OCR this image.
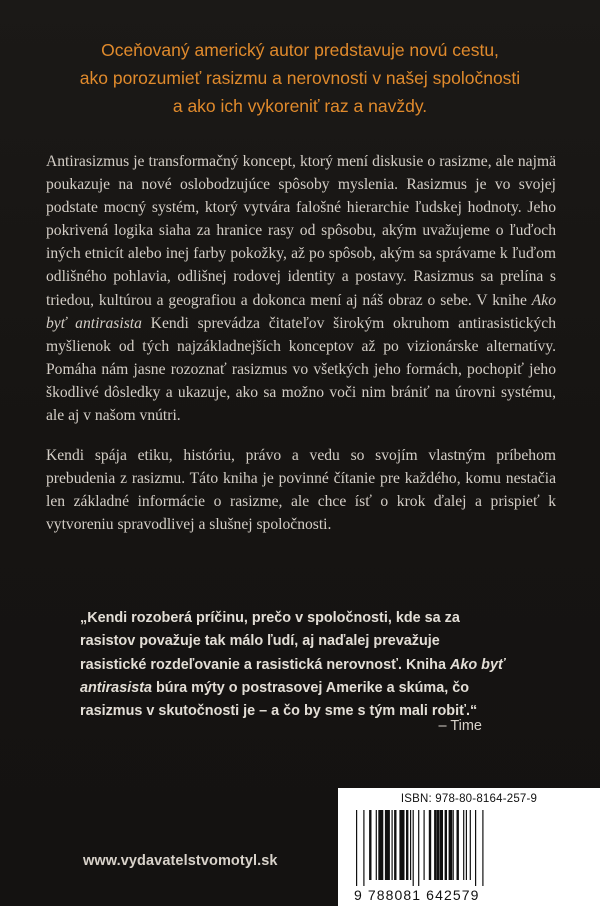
Oceňovaný americký autor predstavuje novú cestu,
ako porozumieť rasizmu a nerovnosti v našej spoločnosti
a ako ich vykoreniť raz a navždy.

Antirasizmus je transformačný koncept, ktorý mení diskusie o rasizme, ale najmä poukazuje na nové oslobodzujúce spôsoby myslenia. Rasizmus je vo svojej podstate mocný systém, ktorý vytvára falošné hierarchie ľudskej hodnoty. Jeho pokrivená logika siaha za hranice rasy od spôsobu, akým uvažujeme o ľuďoch iných etnicít alebo inej farby pokožky, až po spôsob, akým sa správame k ľuďom odlišného pohlavia, odlišnej rodovej identity a postavy. Rasizmus sa prelína s triedou, kultúrou a geografiou a dokonca mení aj náš obraz o sebe. V knihe Ako byť antirasista Kendi sprevádza čitateľov širokým okruhom antirasistických myšlienok od tých najzákladnejších konceptov až po vizionárske alternatívy. Pomáha nám jasne rozoznať rasizmus vo všetkých jeho formách, pochopiť jeho škodlivé dôsledky a ukazuje, ako sa možno voči nim brániť na úrovni systému, ale aj v našom vnútri.

Kendi spája etiku, históriu, právo a vedu so svojím vlastným príbehom prebudenia z rasizmu. Táto kniha je povinné čítanie pre každého, komu nestačia len základné informácie o rasizme, ale chce ísť o krok ďalej a prispieť k vytvoreniu spravodlivej a slušnej spoločnosti.

„Kendi rozoberá príčinu, prečo v spoločnosti, kde sa za rasistov považuje tak málo ľudí, aj naďalej prevažuje rasistické rozdeľovanie a rasistická nerovnosť. Kniha Ako byť antirasista búra mýty o postrasovej Amerike a skúma, čo rasizmus v skutočnosti je – a čo by sme s tým mali robiť.“
– Time
www.vydavatelstvomotyl.sk
ISBN: 978-80-8164-257-9
9 788081 642579
